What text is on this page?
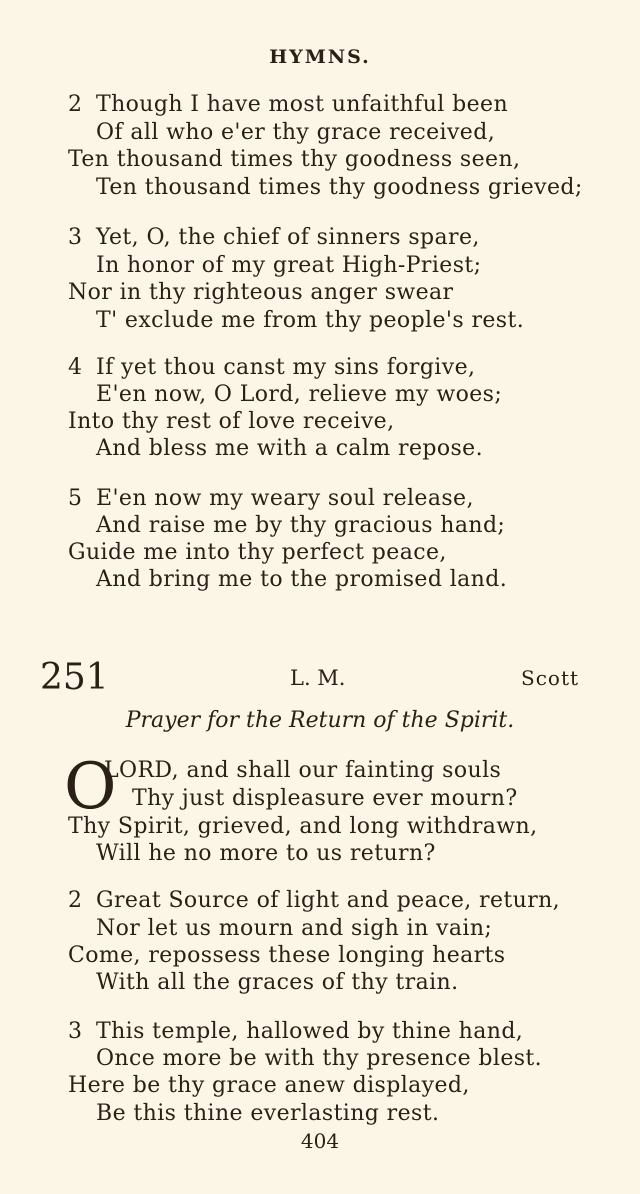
HYMNS.
2 Though I have most unfaithful been
Of all who e'er thy grace received,
Ten thousand times thy goodness seen,
Ten thousand times thy goodness grieved;
3 Yet, O, the chief of sinners spare,
In honor of my great High-Priest;
Nor in thy righteous anger swear
T' exclude me from thy people's rest.
4 If yet thou canst my sins forgive,
E'en now, O Lord, relieve my woes;
Into thy rest of love receive,
And bless me with a calm repose.
5 E'en now my weary soul release,
And raise me by thy gracious hand;
Guide me into thy perfect peace,
And bring me to the promised land.
251	L. M.	Scott
Prayer for the Return of the Spirit.
O
LORD, and shall our fainting souls
Thy just displeasure ever mourn?
Thy Spirit, grieved, and long withdrawn,
Will he no more to us return?
2 Great Source of light and peace, return,
Nor let us mourn and sigh in vain;
Come, repossess these longing hearts
With all the graces of thy train.
3 This temple, hallowed by thine hand,
Once more be with thy presence blest.
Here be thy grace anew displayed,
Be this thine everlasting rest.
404
